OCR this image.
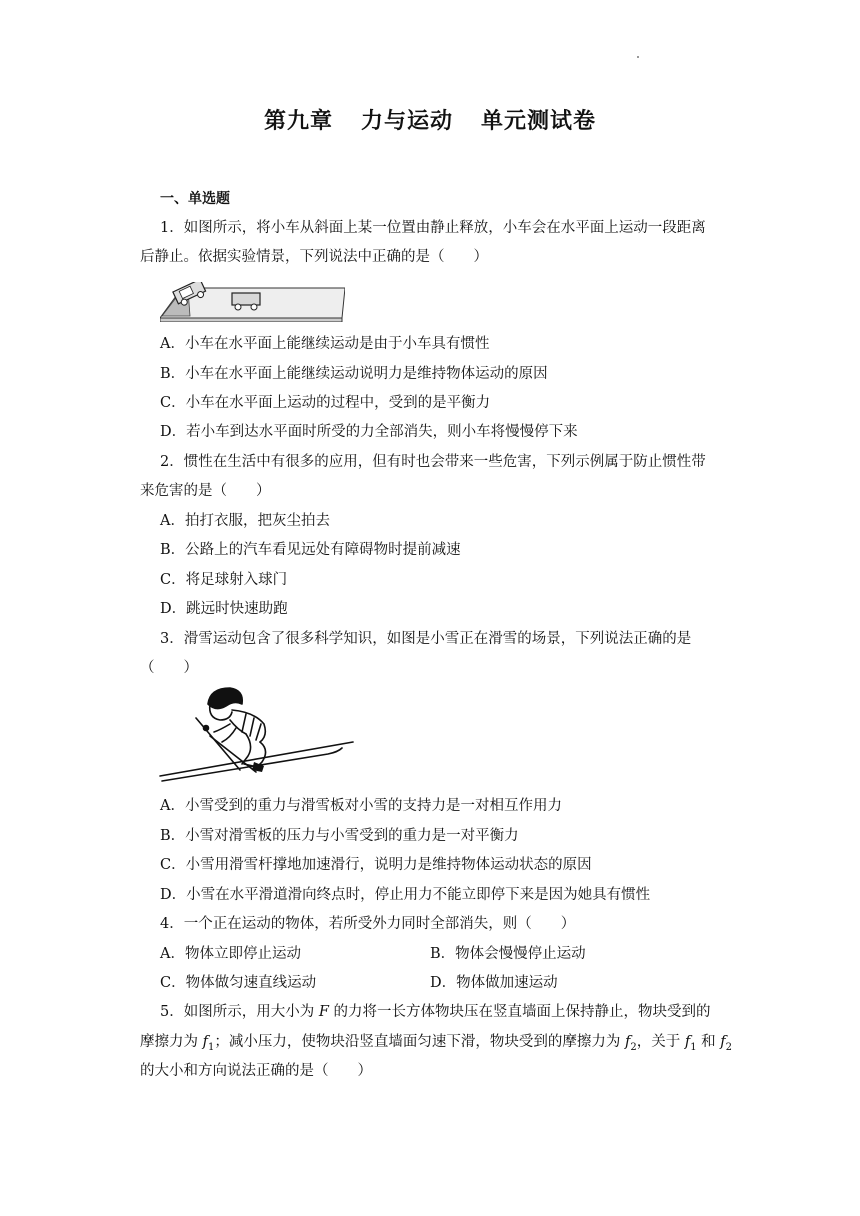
第九章 力与运动 单元测试卷
一、单选题
1．如图所示，将小车从斜面上某一位置由静止释放，小车会在水平面上运动一段距离
后静止。依据实验情景，下列说法中正确的是（　　）
A．小车在水平面上能继续运动是由于小车具有惯性
B．小车在水平面上能继续运动说明力是维持物体运动的原因
C．小车在水平面上运动的过程中，受到的是平衡力
D．若小车到达水平面时所受的力全部消失，则小车将慢慢停下来
2．惯性在生活中有很多的应用，但有时也会带来一些危害，下列示例属于防止惯性带
来危害的是（　　）
A．拍打衣服，把灰尘拍去
B．公路上的汽车看见远处有障碍物时提前减速
C．将足球射入球门
D．跳远时快速助跑
3．滑雪运动包含了很多科学知识，如图是小雪正在滑雪的场景，下列说法正确的是
（　　）
A．小雪受到的重力与滑雪板对小雪的支持力是一对相互作用力
B．小雪对滑雪板的压力与小雪受到的重力是一对平衡力
C．小雪用滑雪杆撑地加速滑行，说明力是维持物体运动状态的原因
D．小雪在水平滑道滑向终点时，停止用力不能立即停下来是因为她具有惯性
4．一个正在运动的物体，若所受外力同时全部消失，则（　　）
A．物体立即停止运动	B．物体会慢慢停止运动
C．物体做匀速直线运动	D．物体做加速运动
5．如图所示，用大小为 F 的力将一长方体物块压在竖直墙面上保持静止，物块受到的
摩擦力为 $f_1$；减小压力，使物块沿竖直墙面匀速下滑，物块受到的摩擦力为 $f_2$，关于 $f_1$ 和 $f_2$
的大小和方向说法正确的是（　　）
